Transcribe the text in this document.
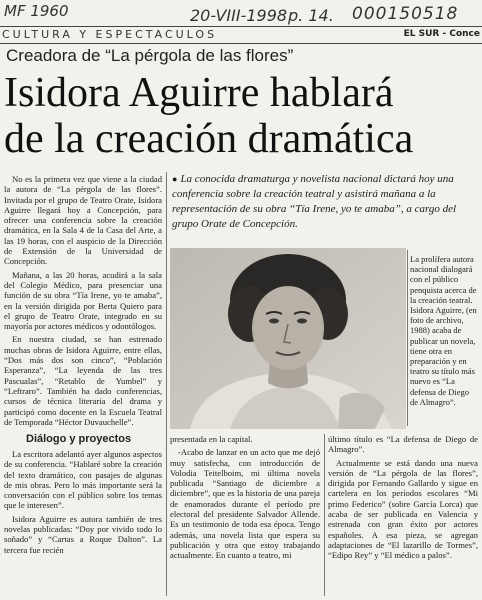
MF 1960	20-VIII-1998 p. 14. 000150518
CULTURA Y ESPECTACULOS	EL SUR - Conce
Creadora de “La pérgola de las flores”
Isidora Aguirre hablará
de la creación dramática

No es la primera vez que viene a la ciudad la autora de “La pérgola de las flores”. Invitada por el grupo de Teatro Orate, Isidora Aguirre llegará hoy a Concepción, para ofrecer una conferencia sobre la creación dramática, en la Sala 4 de la Casa del Arte, a las 19 horas, con el auspicio de la Dirección de Extensión de la Universidad de Concepción.

Mañana, a las 20 horas, acudirá a la sala del Colegio Médico, para presenciar una función de su obra “Tía Irene, yo te amaba”, en la versión dirigida por Berta Quiero para el grupo de Teatro Orate, integrado en su mayoría por actores médicos y odontólogos.

En nuestra ciudad, se han estrenado muchas obras de Isidora Aguirre, entre ellas, “Dos más dos son cinco”, “Población Esperanza”, “La leyenda de las tres Pascualas”, “Retablo de Yumbel” y “Leftraro”. También ha dado conferencias, cursos de técnica literaria del drama y participó como docente en la Escuela Teatral de Temporada “Héctor Duvauchelle”.

Diálogo y proyectos

La escritora adelantó ayer algunos aspectos de su conferencia. “Hablaré sobre la creación del texto dramático, con pasajes de algunas de mis obras. Pero lo más importante será la conversación con el público sobre los temas que le interesen”.

Isidora Aguirre es autora también de tres novelas publicadas: “Doy por vivido todo lo soñado” y “Cartas a Roque Dalton”. La tercera fue recién

● La conocida dramaturga y novelista nacional dictará hoy una conferencia sobre la creación teatral y asistirá mañana a la representación de su obra “Tía Irene, yo te amaba”, a cargo del grupo Orate de Concepción.
La prolífera autora nacional dialogará con el público penquista acerca de la creación teatral. Isidora Aguirre, (en foto de archivo, 1988) acaba de publicar un novela, tiene otra en preparación y en teatro su título más nuevo es “La defensa de Diego de Almagro”.

presentada en la capital.

-Acabo de lanzar en un acto que me dejó muy satisfecha, con introducción de Volodia Teitelboim, mi última novela publicada “Santiago de diciembre a diciembre”, que es la historia de una pareja de enamorados durante el período pre electoral del presidente Salvador Allende. Es un testimonio de toda esa época. Tengo además, una novela lista que espera su publicación y otra que estoy trabajando actualmente. En cuanto a teatro, mi

último título es “La defensa de Diego de Almagro”.

Actualmente se está dando una nueva versión de “La pérgola de las flores”, dirigida por Fernando Gallardo y sigue en cartelera en los períodos escolares “Mi primo Federico” (sobre García Lorca) que acaba de ser publicada en Valencia y estrenada con gran éxito por actores españoles. A esa pieza, se agregan adaptaciones de “El lazarillo de Tormes”, “Edipo Rey” y “El médico a palos”.
